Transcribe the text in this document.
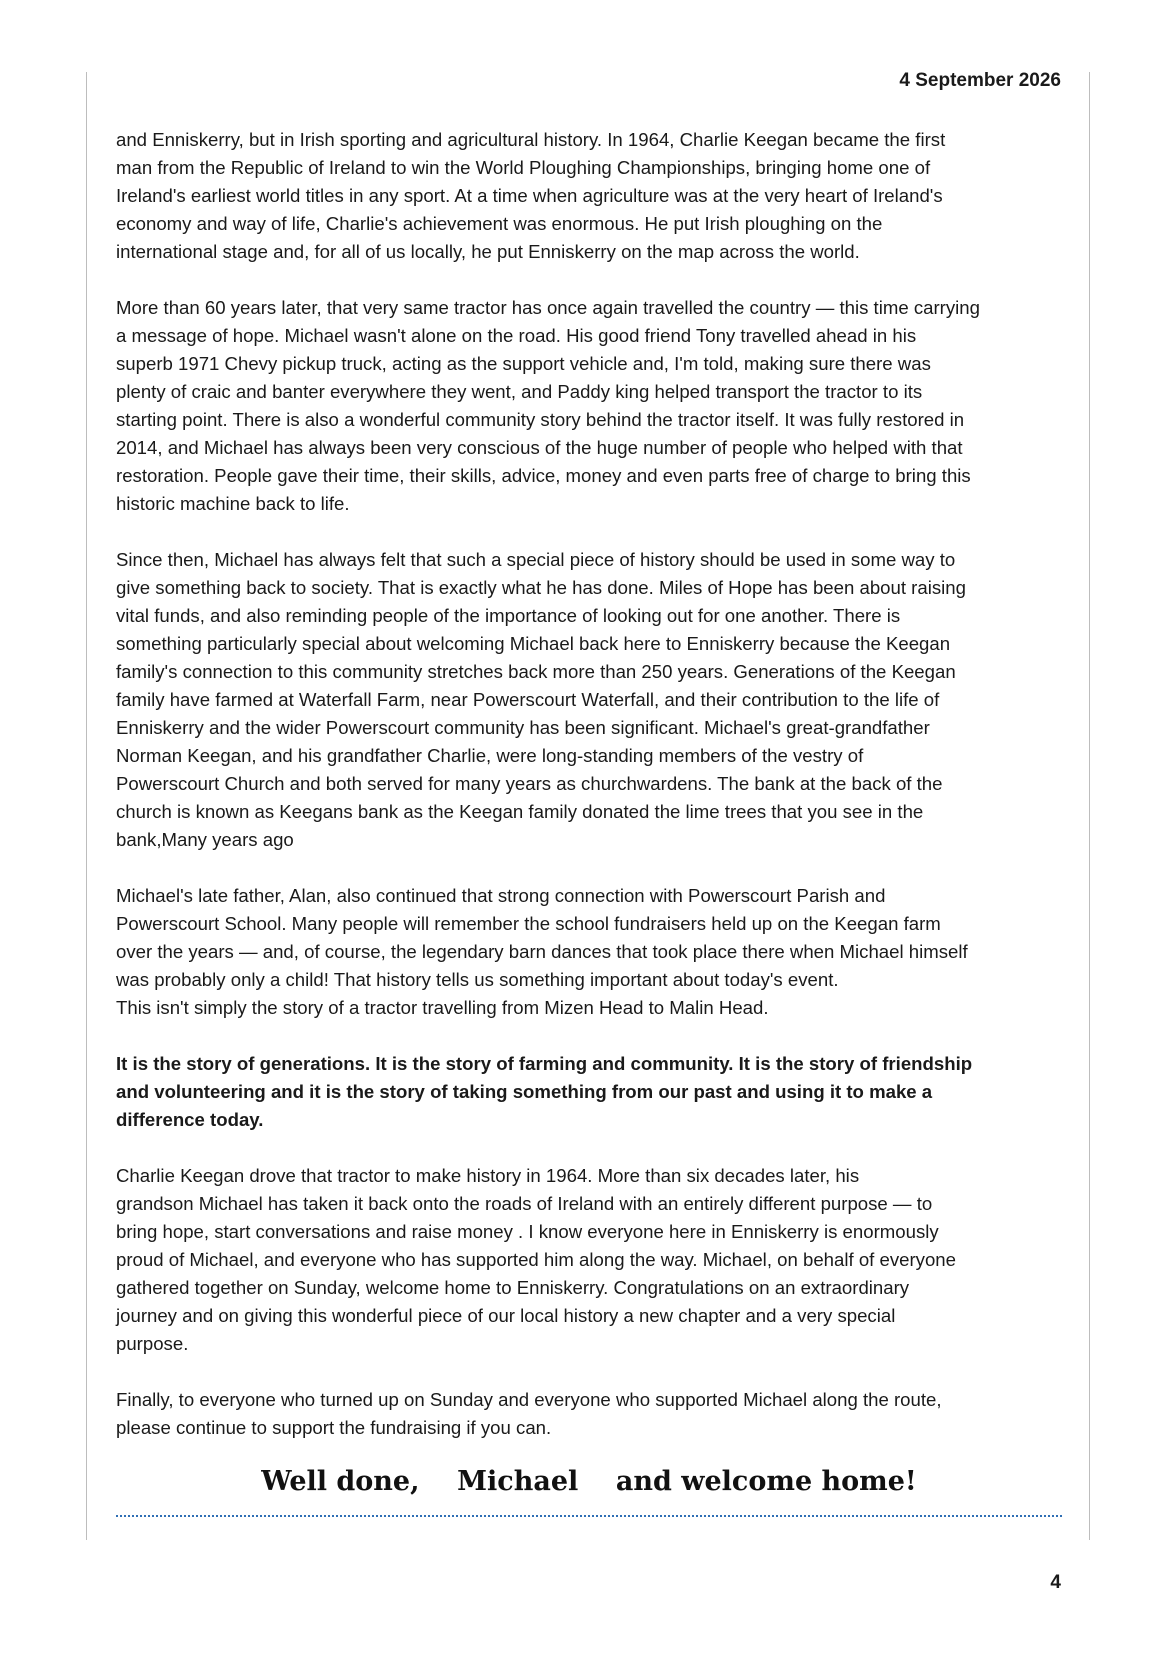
4 September 2026

and Enniskerry, but in Irish sporting and agricultural history. In 1964, Charlie Keegan became the first
man from the Republic of Ireland to win the World Ploughing Championships, bringing home one of
Ireland's earliest world titles in any sport. At a time when agriculture was at the very heart of Ireland's
economy and way of life, Charlie's achievement was enormous. He put Irish ploughing on the
international stage and, for all of us locally, he put Enniskerry on the map across the world.

More than 60 years later, that very same tractor has once again travelled the country — this time carrying
a message of hope. Michael wasn't alone on the road. His good friend Tony travelled ahead in his
superb 1971 Chevy pickup truck, acting as the support vehicle and, I'm told, making sure there was
plenty of craic and banter everywhere they went, and Paddy king helped transport the tractor to its
starting point. There is also a wonderful community story behind the tractor itself. It was fully restored in
2014, and Michael has always been very conscious of the huge number of people who helped with that
restoration. People gave their time, their skills, advice, money and even parts free of charge to bring this
historic machine back to life.

Since then, Michael has always felt that such a special piece of history should be used in some way to
give something back to society. That is exactly what he has done. Miles of Hope has been about raising
vital funds, and also reminding people of the importance of looking out for one another. There is
something particularly special about welcoming Michael back here to Enniskerry because the Keegan
family's connection to this community stretches back more than 250 years. Generations of the Keegan
family have farmed at Waterfall Farm, near Powerscourt Waterfall, and their contribution to the life of
Enniskerry and the wider Powerscourt community has been significant. Michael's great-grandfather
Norman Keegan, and his grandfather Charlie, were long-standing members of the vestry of
Powerscourt Church and both served for many years as churchwardens. The bank at the back of the
church is known as Keegans bank as the Keegan family donated the lime trees that you see in the
bank,Many years ago

Michael's late father, Alan, also continued that strong connection with Powerscourt Parish and
Powerscourt School. Many people will remember the school fundraisers held up on the Keegan farm
over the years — and, of course, the legendary barn dances that took place there when Michael himself
was probably only a child! That history tells us something important about today's event.
This isn't simply the story of a tractor travelling from Mizen Head to Malin Head.

It is the story of generations. It is the story of farming and community. It is the story of friendship
and volunteering and it is the story of taking something from our past and using it to make a
difference today.

Charlie Keegan drove that tractor to make history in 1964. More than six decades later, his
grandson Michael has taken it back onto the roads of Ireland with an entirely different purpose — to
bring hope, start conversations and raise money . I know everyone here in Enniskerry is enormously
proud of Michael, and everyone who has supported him along the way. Michael, on behalf of everyone
gathered together on Sunday, welcome home to Enniskerry. Congratulations on an extraordinary
journey and on giving this wonderful piece of our local history a new chapter and a very special
purpose.

Finally, to everyone who turned up on Sunday and everyone who supported Michael along the route,
please continue to support the fundraising if you can.

Well done,    Michael    and welcome home!
4
